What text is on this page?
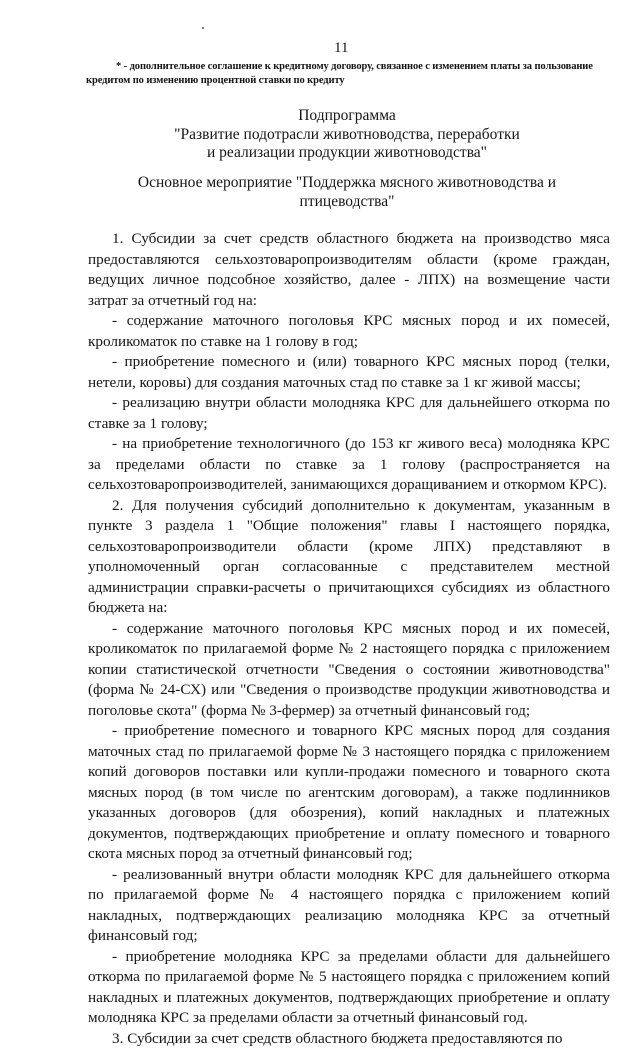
11
* - дополнительное соглашение к кредитному договору, связанное с изменением платы за пользование
кредитом по изменению процентной ставки по кредиту
Подпрограмма
"Развитие подотрасли животноводства, переработки
и реализации продукции животноводства"
Основное мероприятие "Поддержка мясного животноводства и
птицеводства"

1. Субсидии за счет средств областного бюджета на производство мяса предоставляются сельхозтоваропроизводителям области (кроме граждан, ведущих личное подсобное хозяйство, далее - ЛПХ) на возмещение части затрат за отчетный год на:

- содержание маточного поголовья КРС мясных пород и их помесей, кроликоматок по ставке на 1 голову в год;

- приобретение помесного и (или) товарного КРС мясных пород (телки, нетели, коровы) для создания маточных стад по ставке за 1 кг живой массы;

- реализацию внутри области молодняка КРС для дальнейшего откорма по ставке за 1 голову;

- на приобретение технологичного (до 153 кг живого веса) молодняка КРС за пределами области по ставке за 1 голову (распространяется на сельхозтоваропроизводителей, занимающихся доращиванием и откормом КРС).

2. Для получения субсидий дополнительно к документам, указанным в пункте 3 раздела 1 "Общие положения" главы I настоящего порядка, сельхозтоваропроизводители области (кроме ЛПХ) представляют в уполномоченный орган согласованные с представителем местной администрации справки-расчеты о причитающихся субсидиях из областного бюджета на:

- содержание маточного поголовья КРС мясных пород и их помесей, кроликоматок по прилагаемой форме № 2 настоящего порядка с приложением копии статистической отчетности "Сведения о состоянии животноводства" (форма № 24-СХ) или "Сведения о производстве продукции животноводства и поголовье скота" (форма № 3-фермер) за отчетный финансовый год;

- приобретение помесного и товарного КРС мясных пород для создания маточных стад по прилагаемой форме № 3 настоящего порядка с приложением копий договоров поставки или купли-продажи помесного и товарного скота мясных пород (в том числе по агентским договорам), а также подлинников указанных договоров (для обозрения), копий накладных и платежных документов, подтверждающих приобретение и оплату помесного и товарного скота мясных пород за отчетный финансовый год;

- реализованный внутри области молодняк КРС для дальнейшего откорма по прилагаемой форме № 4 настоящего порядка с приложением копий накладных, подтверждающих реализацию молодняка КРС за отчетный финансовый год;

- приобретение молодняка КРС за пределами области для дальнейшего откорма по прилагаемой форме № 5 настоящего порядка с приложением копий накладных и платежных документов, подтверждающих приобретение и оплату молодняка КРС за пределами области за отчетный финансовый год.

3. Субсидии за счет средств областного бюджета предоставляются по
